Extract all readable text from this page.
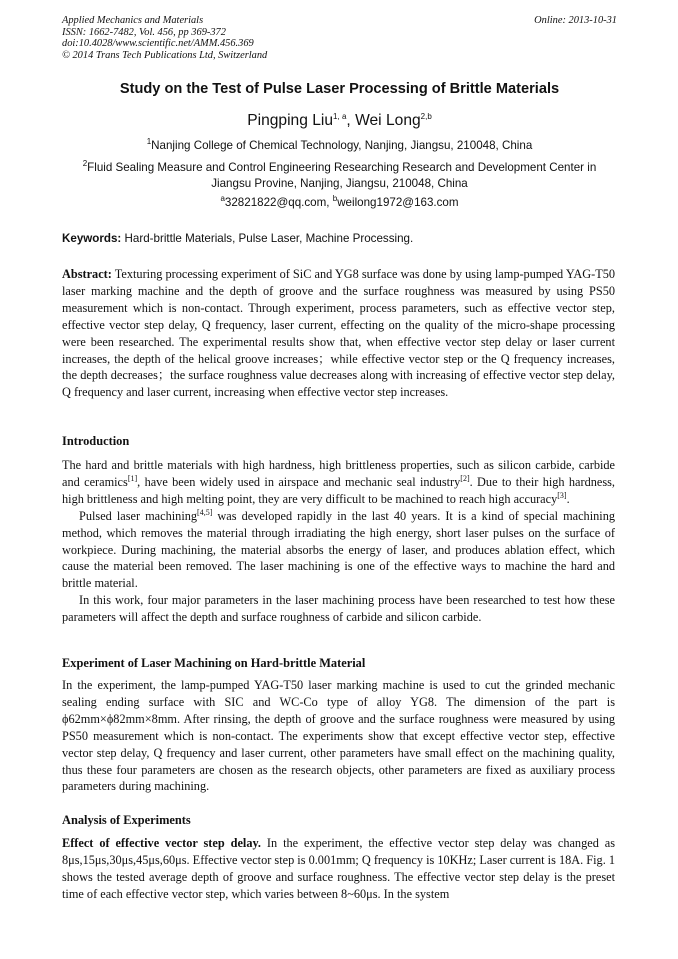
Applied Mechanics and Materials
ISSN: 1662-7482, Vol. 456, pp 369-372
doi:10.4028/www.scientific.net/AMM.456.369
© 2014 Trans Tech Publications Ltd, Switzerland
Online: 2013-10-31
Study on the Test of Pulse Laser Processing of Brittle Materials
Pingping Liu$^{1, a}$, Wei Long$^{2,b}$
$^1$Nanjing College of Chemical Technology, Nanjing, Jiangsu, 210048, China
$^2$Fluid Sealing Measure and Control Engineering Researching Research and Development Center in
Jiangsu Provine, Nanjing, Jiangsu, 210048, China
$^a$32821822@qq.com, $^b$weilong1972@163.com
Keywords: Hard-brittle Materials, Pulse Laser, Machine Processing.

Abstract: Texturing processing experiment of SiC and YG8 surface was done by using lamp-pumped YAG-T50 laser marking machine and the depth of groove and the surface roughness was measured by using PS50 measurement which is non-contact. Through experiment, process parameters, such as effective vector step, effective vector step delay, Q frequency, laser current, effecting on the quality of the micro-shape processing were been researched. The experimental results show that, when effective vector step delay or laser current increases, the depth of the helical groove increases；while effective vector step or the Q frequency increases, the depth decreases；the surface roughness value decreases along with increasing of effective vector step delay, Q frequency and laser current, increasing when effective vector step increases.

Introduction

The hard and brittle materials with high hardness, high brittleness properties, such as silicon carbide, carbide and ceramics[1], have been widely used in airspace and mechanic seal industry[2]. Due to their high hardness, high brittleness and high melting point, they are very difficult to be machined to reach high accuracy[3].

Pulsed laser machining[4,5] was developed rapidly in the last 40 years. It is a kind of special machining method, which removes the material through irradiating the high energy, short laser pulses on the surface of workpiece. During machining, the material absorbs the energy of laser, and produces ablation effect, which cause the material been removed. The laser machining is one of the effective ways to machine the hard and brittle material.

In this work, four major parameters in the laser machining process have been researched to test how these parameters will affect the depth and surface roughness of carbide and silicon carbide.

Experiment of Laser Machining on Hard-brittle Material

In the experiment, the lamp-pumped YAG-T50 laser marking machine is used to cut the grinded mechanic sealing ending surface with SIC and WC-Co type of alloy YG8. The dimension of the part is ϕ62mm×ϕ82mm×8mm. After rinsing, the depth of groove and the surface roughness were measured by using PS50 measurement which is non-contact. The experiments show that except effective vector step, effective vector step delay, Q frequency and laser current, other parameters have small effect on the machining quality, thus these four parameters are chosen as the research objects, other parameters are fixed as auxiliary process parameters during machining.

Analysis of Experiments

Effect of effective vector step delay. In the experiment, the effective vector step delay was changed as 8μs,15μs,30μs,45μs,60μs. Effective vector step is 0.001mm; Q frequency is 10KHz; Laser current is 18A. Fig. 1 shows the tested average depth of groove and surface roughness. The effective vector step delay is the preset time of each effective vector step, which varies between 8~60μs. In the system
